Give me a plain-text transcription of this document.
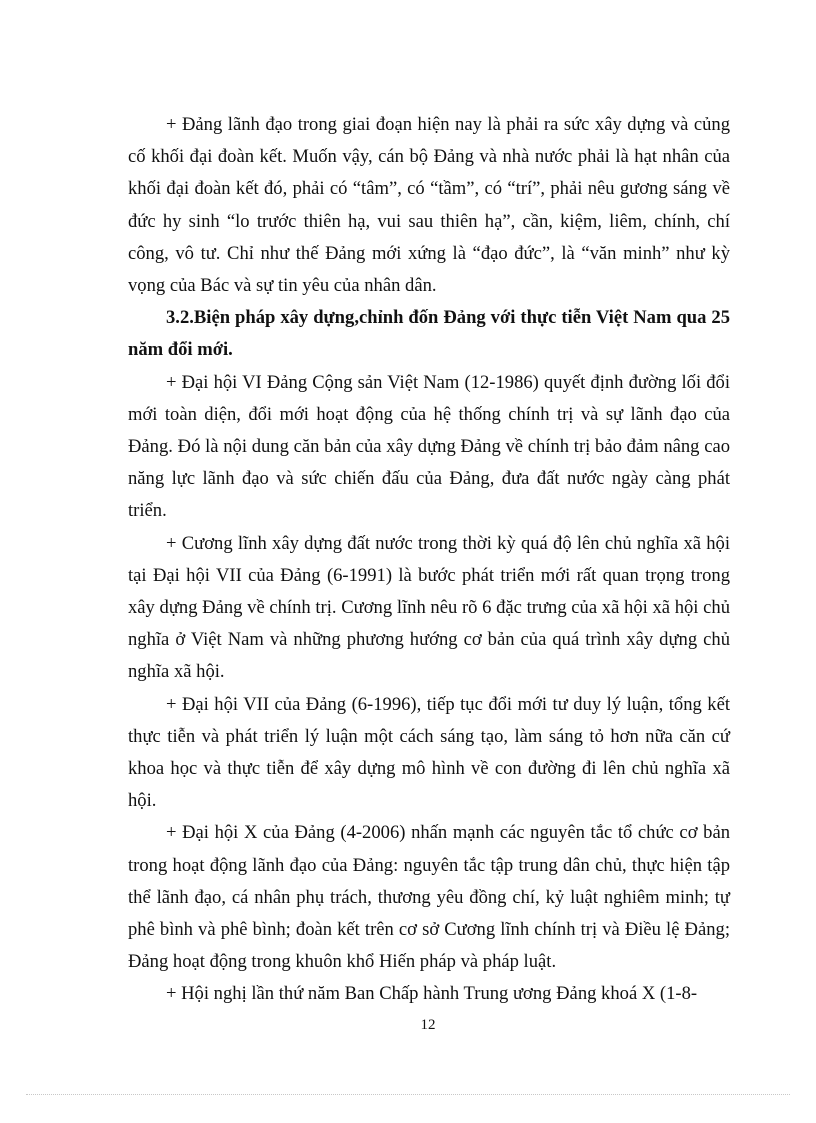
+ Đảng lãnh đạo trong giai đoạn hiện nay là phải ra sức xây dựng và củng cố khối đại đoàn kết. Muốn vậy, cán bộ Đảng và nhà nước phải là hạt nhân của khối đại đoàn kết đó, phải có “tâm”, có “tầm”, có “trí”, phải nêu gương sáng về đức hy sinh “lo trước thiên hạ, vui sau thiên hạ”, cần, kiệm, liêm, chính, chí công, vô tư. Chỉ như thế Đảng mới xứng là “đạo đức”, là “văn minh” như kỳ vọng của Bác và sự tin yêu của nhân dân.

3.2.Biện pháp xây dựng,chỉnh đốn Đảng với thực tiễn Việt Nam qua 25 năm đổi mới.

+ Đại hội VI Đảng Cộng sản Việt Nam (12-1986) quyết định đường lối đổi mới toàn diện, đổi mới hoạt động của hệ thống chính trị và sự lãnh đạo của Đảng. Đó là nội dung căn bản của xây dựng Đảng về chính trị bảo đảm nâng cao năng lực lãnh đạo và sức chiến đấu của Đảng, đưa đất nước ngày càng phát triển.

+ Cương lĩnh xây dựng đất nước trong thời kỳ quá độ lên chủ nghĩa xã hội tại Đại hội VII của Đảng (6-1991) là bước phát triển mới rất quan trọng trong xây dựng Đảng về chính trị. Cương lĩnh nêu rõ 6 đặc trưng của xã hội xã hội chủ nghĩa ở Việt Nam và những phương hướng cơ bản của quá trình xây dựng chủ nghĩa xã hội.

+ Đại hội VII của Đảng (6-1996), tiếp tục đổi mới tư duy lý luận, tổng kết thực tiễn và phát triển lý luận một cách sáng tạo, làm sáng tỏ hơn nữa căn cứ khoa học và thực tiễn để xây dựng mô hình về con đường đi lên chủ nghĩa xã hội.

+ Đại hội X của Đảng (4-2006) nhấn mạnh các nguyên tắc tổ chức cơ bản trong hoạt động lãnh đạo của Đảng: nguyên tắc tập trung dân chủ, thực hiện tập thể lãnh đạo, cá nhân phụ trách, thương yêu đồng chí, kỷ luật nghiêm minh; tự phê bình và phê bình; đoàn kết trên cơ sở Cương lĩnh chính trị và Điều lệ Đảng; Đảng hoạt động trong khuôn khổ Hiến pháp và pháp luật.

+ Hội nghị lần thứ năm Ban Chấp hành Trung ương Đảng khoá X (1-8-

12
